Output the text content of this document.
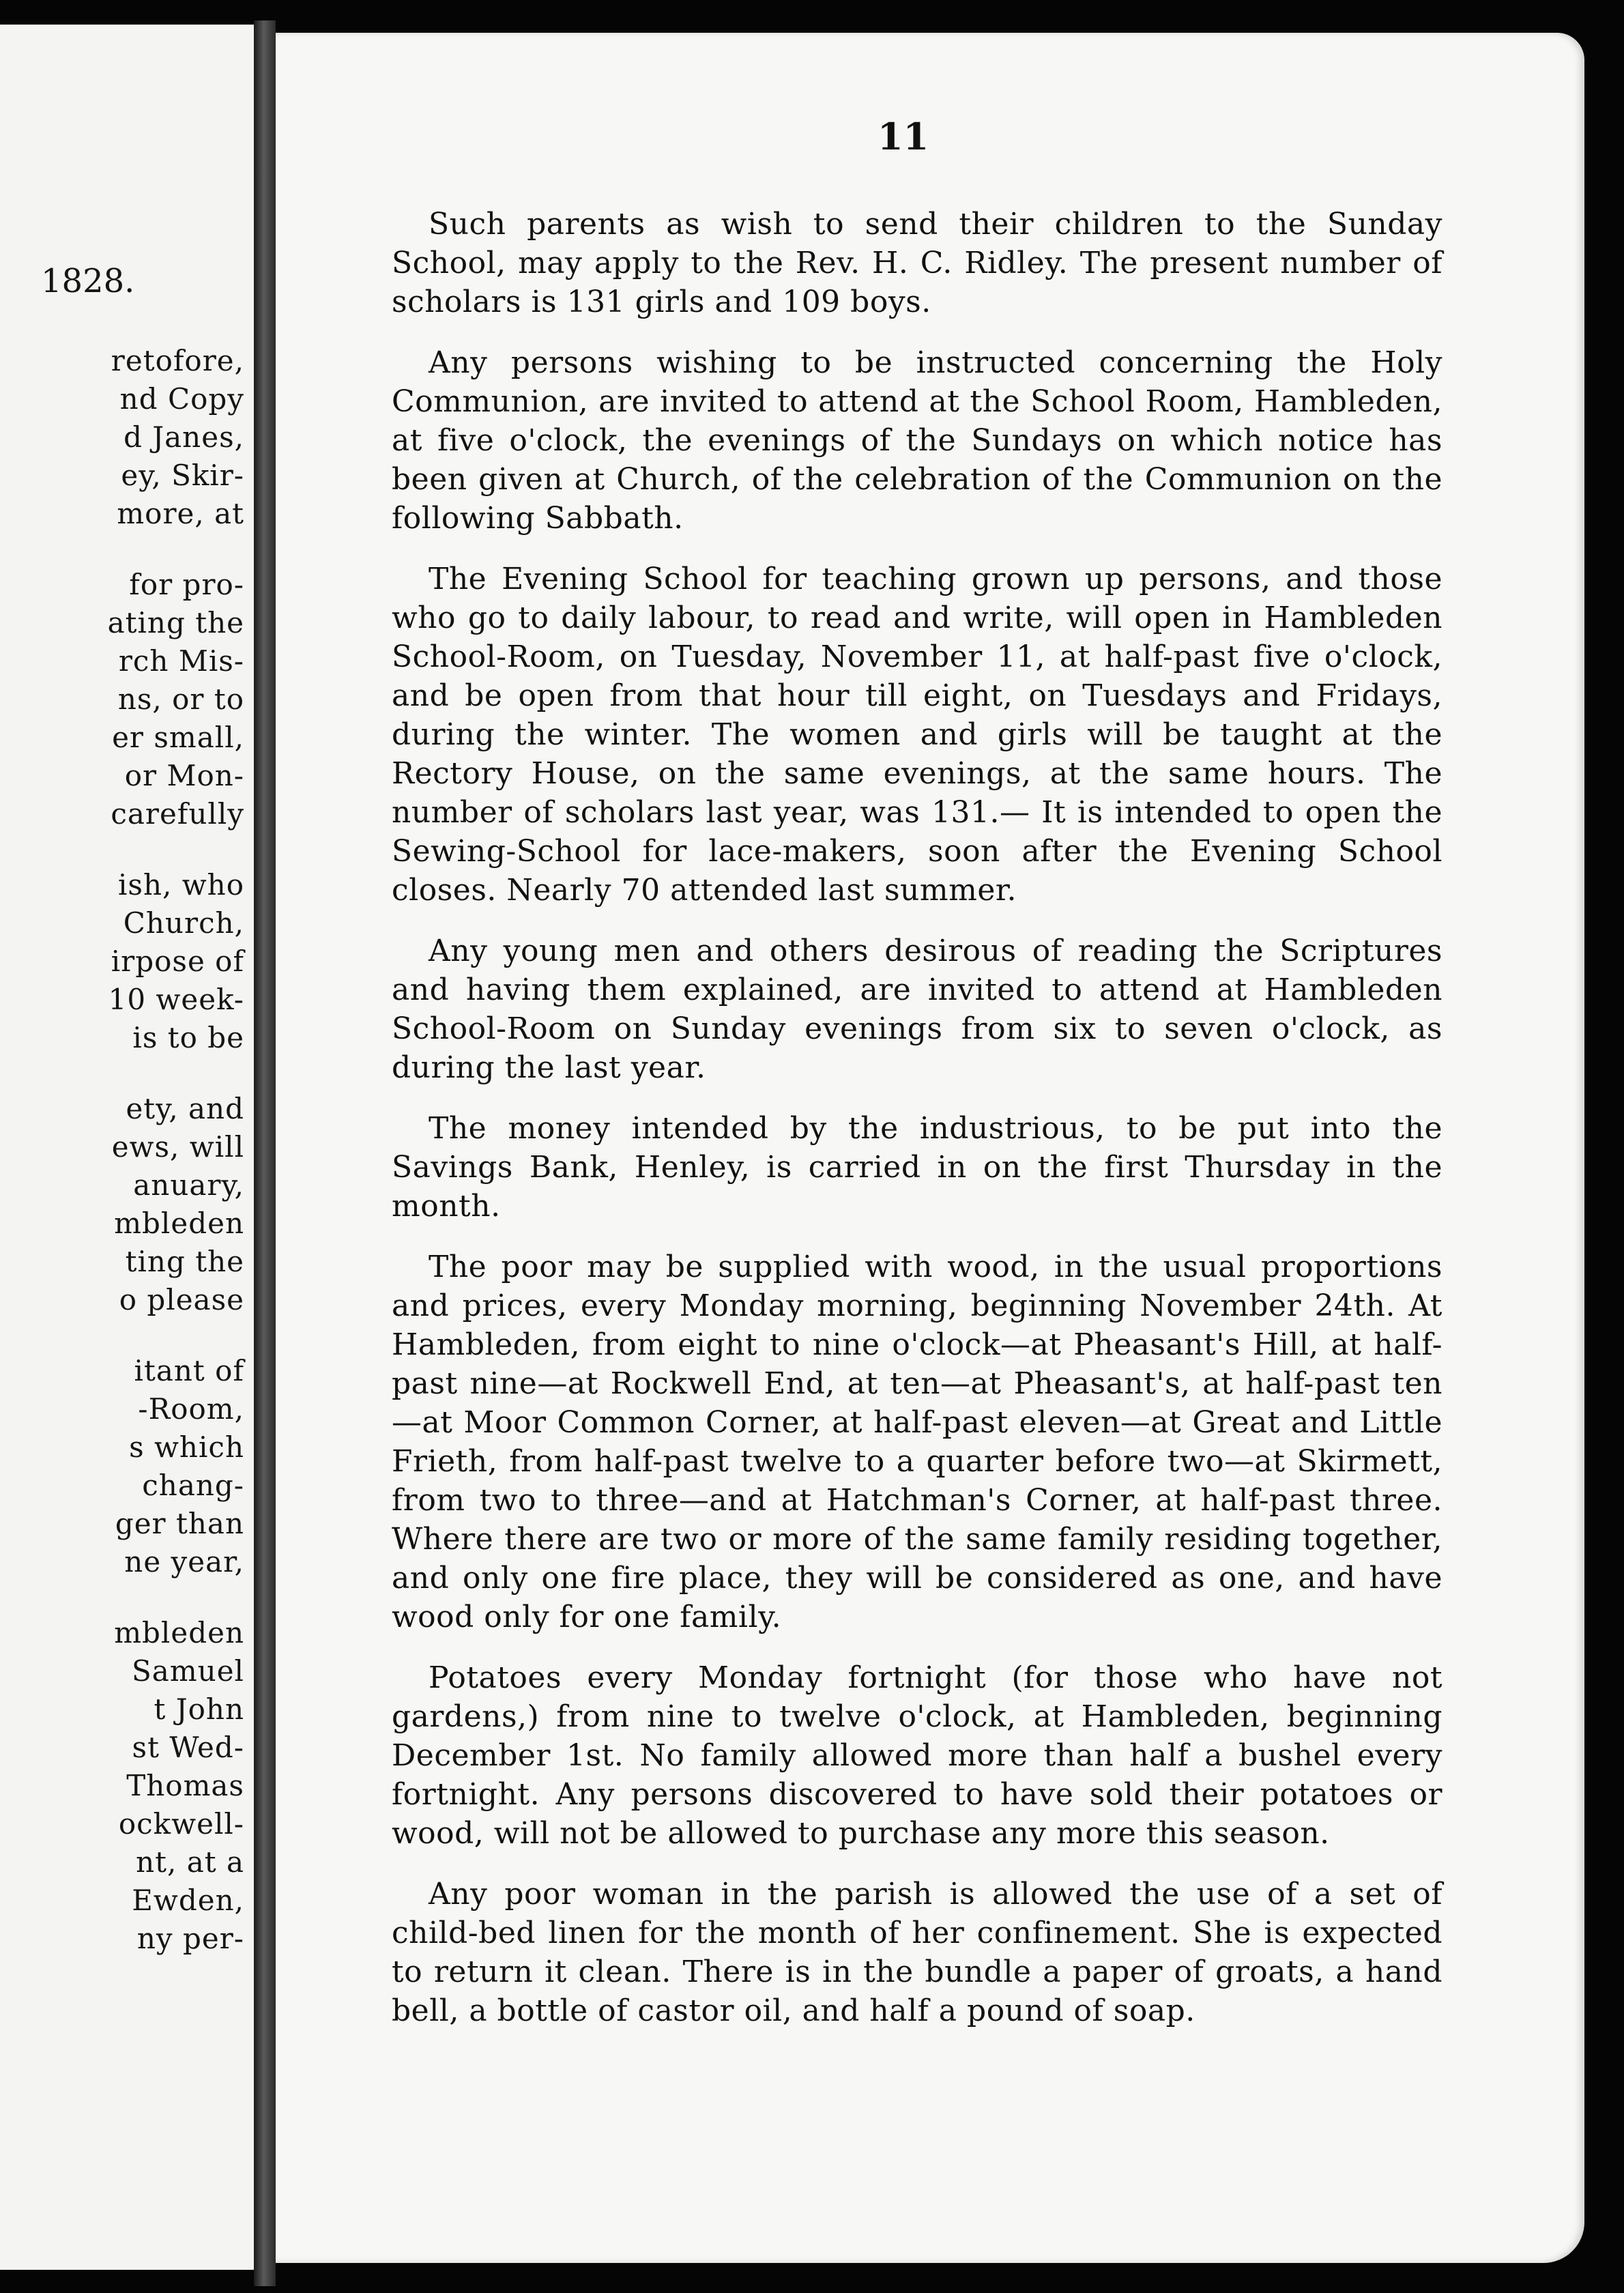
1828.
retofore,
nd Copy
d Janes,
ey, Skir-
more, at
for pro-
ating the
rch Mis-
ns, or to
er small,
or Mon-
carefully
ish, who
Church,
irpose of
10 week-
is to be
ety, and
ews, will
anuary,
mbleden
ting the
o please
itant of
-Room,
s which
chang-
ger than
ne year,
mbleden
Samuel
t John
st Wed-
Thomas
ockwell-
nt, at a
Ewden,
ny per-
11

Such parents as wish to send their children to the Sunday School, may apply to the Rev. H. C. Ridley. The present number of scholars is 131 girls and 109 boys.

Any persons wishing to be instructed concerning the Holy Communion, are invited to attend at the School Room, Hambleden, at five o'clock, the evenings of the Sundays on which notice has been given at Church, of the celebration of the Communion on the following Sabbath.

The Evening School for teaching grown up persons, and those who go to daily labour, to read and write, will open in Hambleden School-Room, on Tuesday, November 11, at half-past five o'clock, and be open from that hour till eight, on Tuesdays and Fridays, during the winter. The women and girls will be taught at the Rectory House, on the same evenings, at the same hours. The number of scholars last year, was 131.— It is intended to open the Sewing-School for lace-makers, soon after the Evening School closes. Nearly 70 attended last summer.

Any young men and others desirous of reading the Scriptures and having them explained, are invited to attend at Hambleden School-Room on Sunday evenings from six to seven o'clock, as during the last year.

The money intended by the industrious, to be put into the Savings Bank, Henley, is carried in on the first Thursday in the month.

The poor may be supplied with wood, in the usual proportions and prices, every Monday morning, beginning November 24th. At Hambleden, from eight to nine o'clock—at Pheasant's Hill, at half-past nine—at Rockwell End, at ten—at Pheasant's, at half-past ten—at Moor Common Corner, at half-past eleven—at Great and Little Frieth, from half-past twelve to a quarter before two—at Skirmett, from two to three—and at Hatchman's Corner, at half-past three. Where there are two or more of the same family residing together, and only one fire place, they will be considered as one, and have wood only for one family.

Potatoes every Monday fortnight (for those who have not gardens,) from nine to twelve o'clock, at Hambleden, beginning December 1st. No family allowed more than half a bushel every fortnight. Any persons discovered to have sold their potatoes or wood, will not be allowed to purchase any more this season.

Any poor woman in the parish is allowed the use of a set of child-bed linen for the month of her confinement. She is expected to return it clean. There is in the bundle a paper of groats, a hand bell, a bottle of castor oil, and half a pound of soap.
